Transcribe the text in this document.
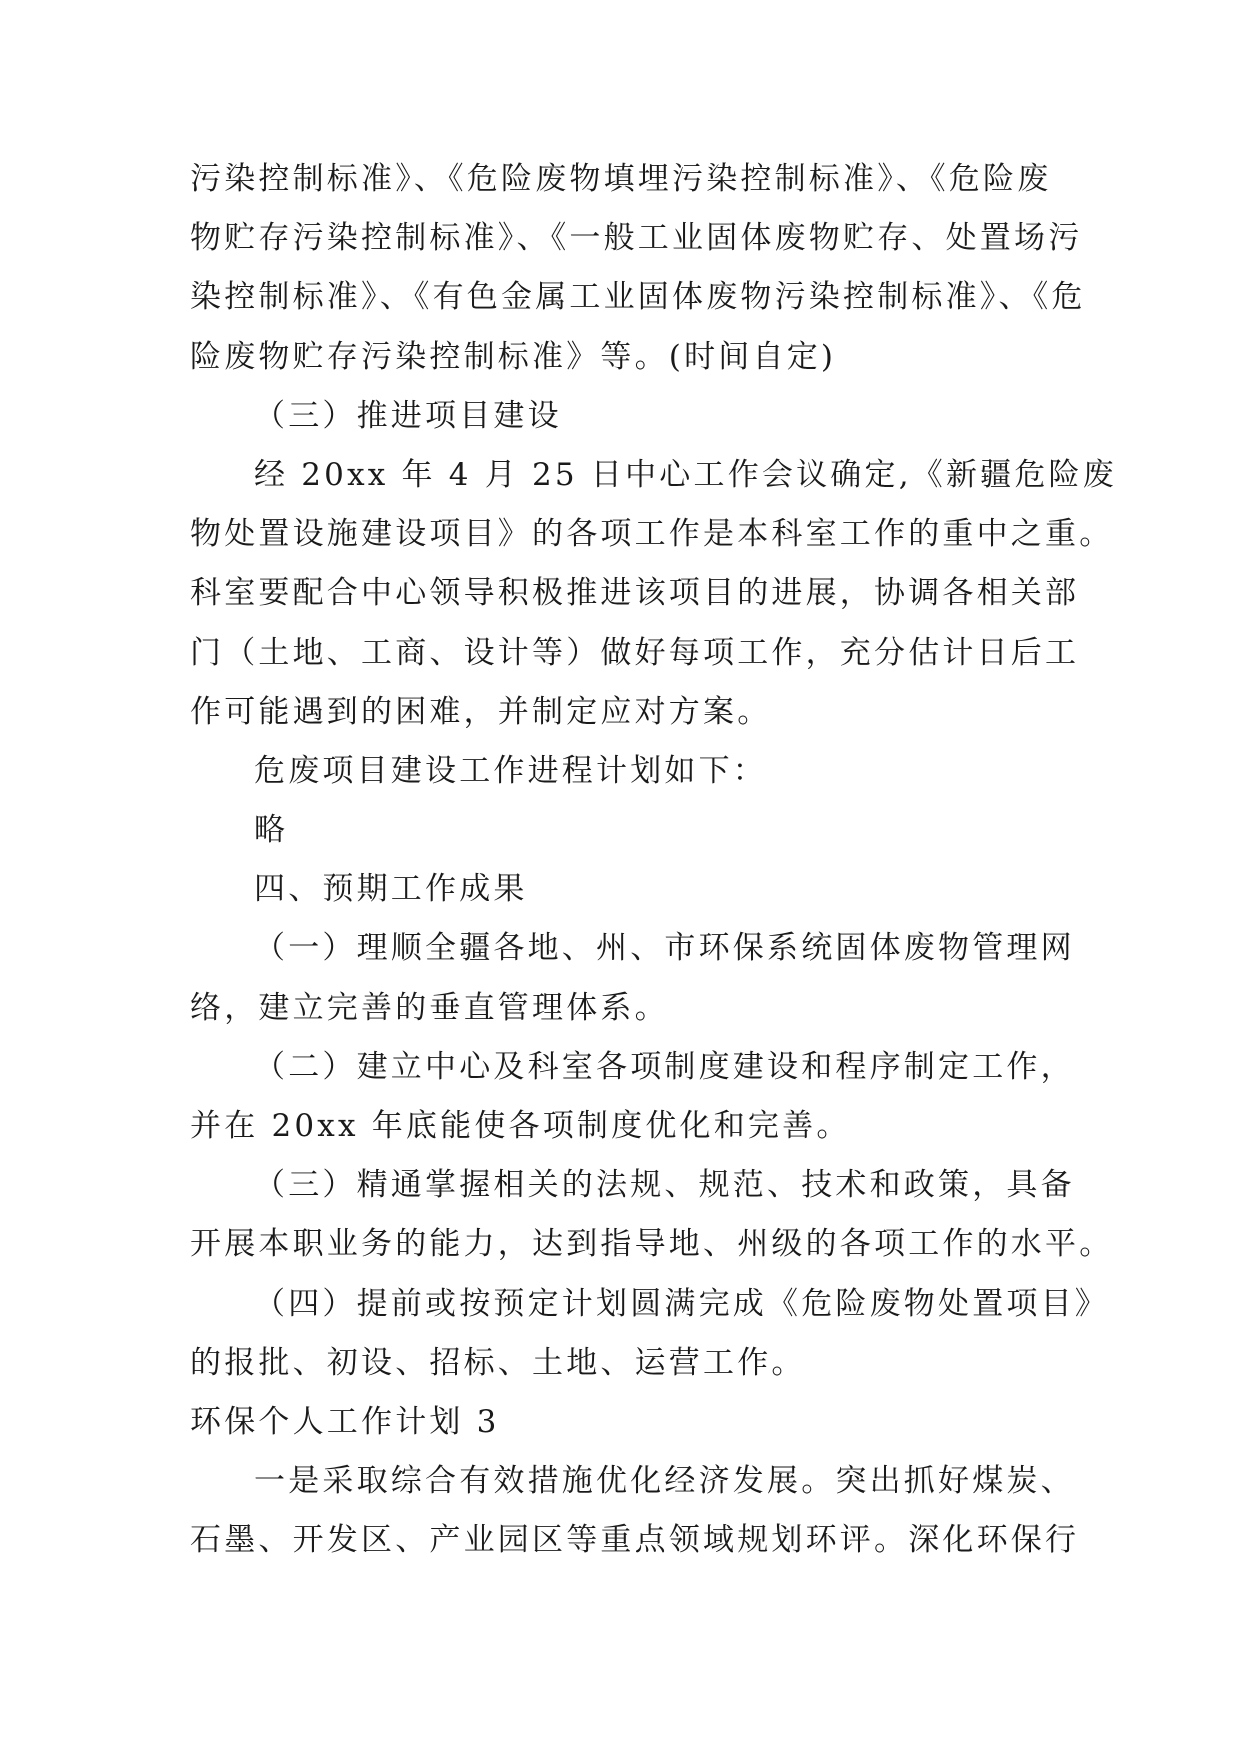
污染控制标准》、《危险废物填埋污染控制标准》、《危险废
物贮存污染控制标准》、《一般工业固体废物贮存、处置场污
染控制标准》、《有色金属工业固体废物污染控制标准》、《危
险废物贮存污染控制标准》等。(时间自定)
（三）推进项目建设
经 20xx 年 4 月 25 日中心工作会议确定,《新疆危险废
物处置设施建设项目》的各项工作是本科室工作的重中之重。
科室要配合中心领导积极推进该项目的进展，协调各相关部
门（土地、工商、设计等）做好每项工作，充分估计日后工
作可能遇到的困难，并制定应对方案。
危废项目建设工作进程计划如下：
略
四、预期工作成果
（一）理顺全疆各地、州、市环保系统固体废物管理网
络，建立完善的垂直管理体系。
（二）建立中心及科室各项制度建设和程序制定工作，
并在 20xx 年底能使各项制度优化和完善。
（三）精通掌握相关的法规、规范、技术和政策，具备
开展本职业务的能力，达到指导地、州级的各项工作的水平。
（四）提前或按预定计划圆满完成《危险废物处置项目》
的报批、初设、招标、土地、运营工作。
环保个人工作计划 3
一是采取综合有效措施优化经济发展。突出抓好煤炭、
石墨、开发区、产业园区等重点领域规划环评。深化环保行
